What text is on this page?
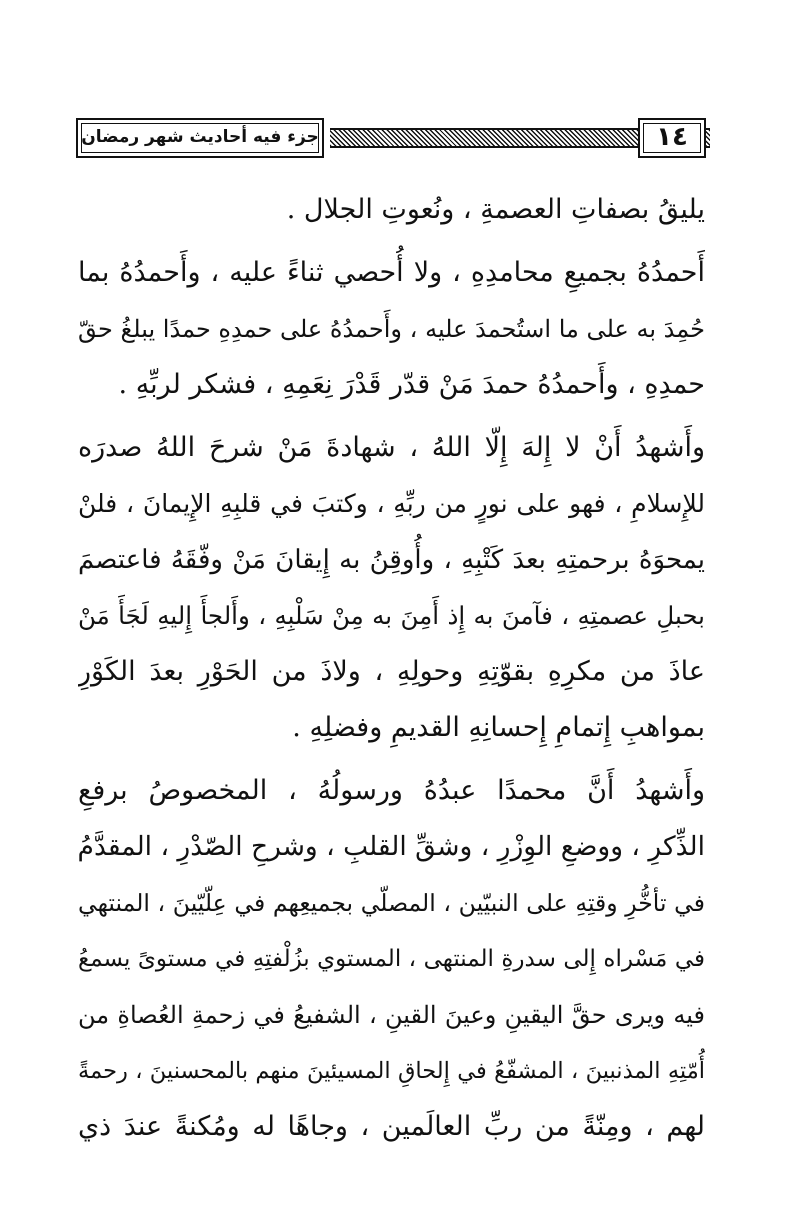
جزء فيه أحاديث شهر رمضان	١٤
يليقُ بصفاتِ العصمةِ ، ونُعوتِ الجلال .
أَحمدُهُ بجميعِ محامدِهِ ، ولا أُحصي ثناءً عليه ، وأَحمدُهُ بما
حُمِدَ به على ما استُحمدَ عليه ، وأَحمدُهُ على حمدِهِ حمدًا يبلغُ حقّ
حمدِهِ ، وأَحمدُهُ حمدَ مَنْ قدّر قَدْرَ نِعَمِهِ ، فشكر لربِّهِ .
وأَشهدُ أَنْ لا إِلهَ إِلّا اللهُ ، شهادةَ مَنْ شرحَ اللهُ صدرَه
للإِسلامِ ، فهو على نورٍ من ربِّهِ ، وكتبَ في قلبِهِ الإِيمانَ ، فلنْ
يمحوَهُ برحمتِهِ بعدَ كَتْبِهِ ، وأُوقِنُ به إِيقانَ مَنْ وفّقَهُ فاعتصمَ
بحبلِ عصمتِهِ ، فآمنَ به إِذ أَمِنَ به مِنْ سَلْبِهِ ، وأَلجأَ إِليهِ لَجَأَ مَنْ
عاذَ من مكرِهِ بقوّتِهِ وحولِهِ ، ولاذَ من الحَوْرِ بعدَ الكَوْرِ
بمواهبِ إِتمامِ إِحسانِهِ القديمِ وفضلِهِ .
وأَشهدُ أَنَّ محمدًا عبدُهُ ورسولُهُ ، المخصوصُ برفعِ
الذِّكرِ ، ووضعِ الوِزْرِ ، وشقِّ القلبِ ، وشرحِ الصّدْرِ ، المقدَّمُ
في تأخُّرِ وقتِهِ على النبيّين ، المصلّي بجميعِهم في عِلّيّينَ ، المنتهي
في مَسْراه إِلى سدرةِ المنتهى ، المستوي بزُلْفتِهِ في مستوىً يسمعُ
فيه ويرى حقَّ اليقينِ وعينَ القينِ ، الشفيعُ في زحمةِ العُصاةِ من
أُمّتِهِ المذنبينَ ، المشفّعُ في إِلحاقِ المسيئينَ منهم بالمحسنينَ ، رحمةً
لهم ، ومِنّةً من ربِّ العالَمين ، وجاهًا له ومُكنةً عندَ ذي
